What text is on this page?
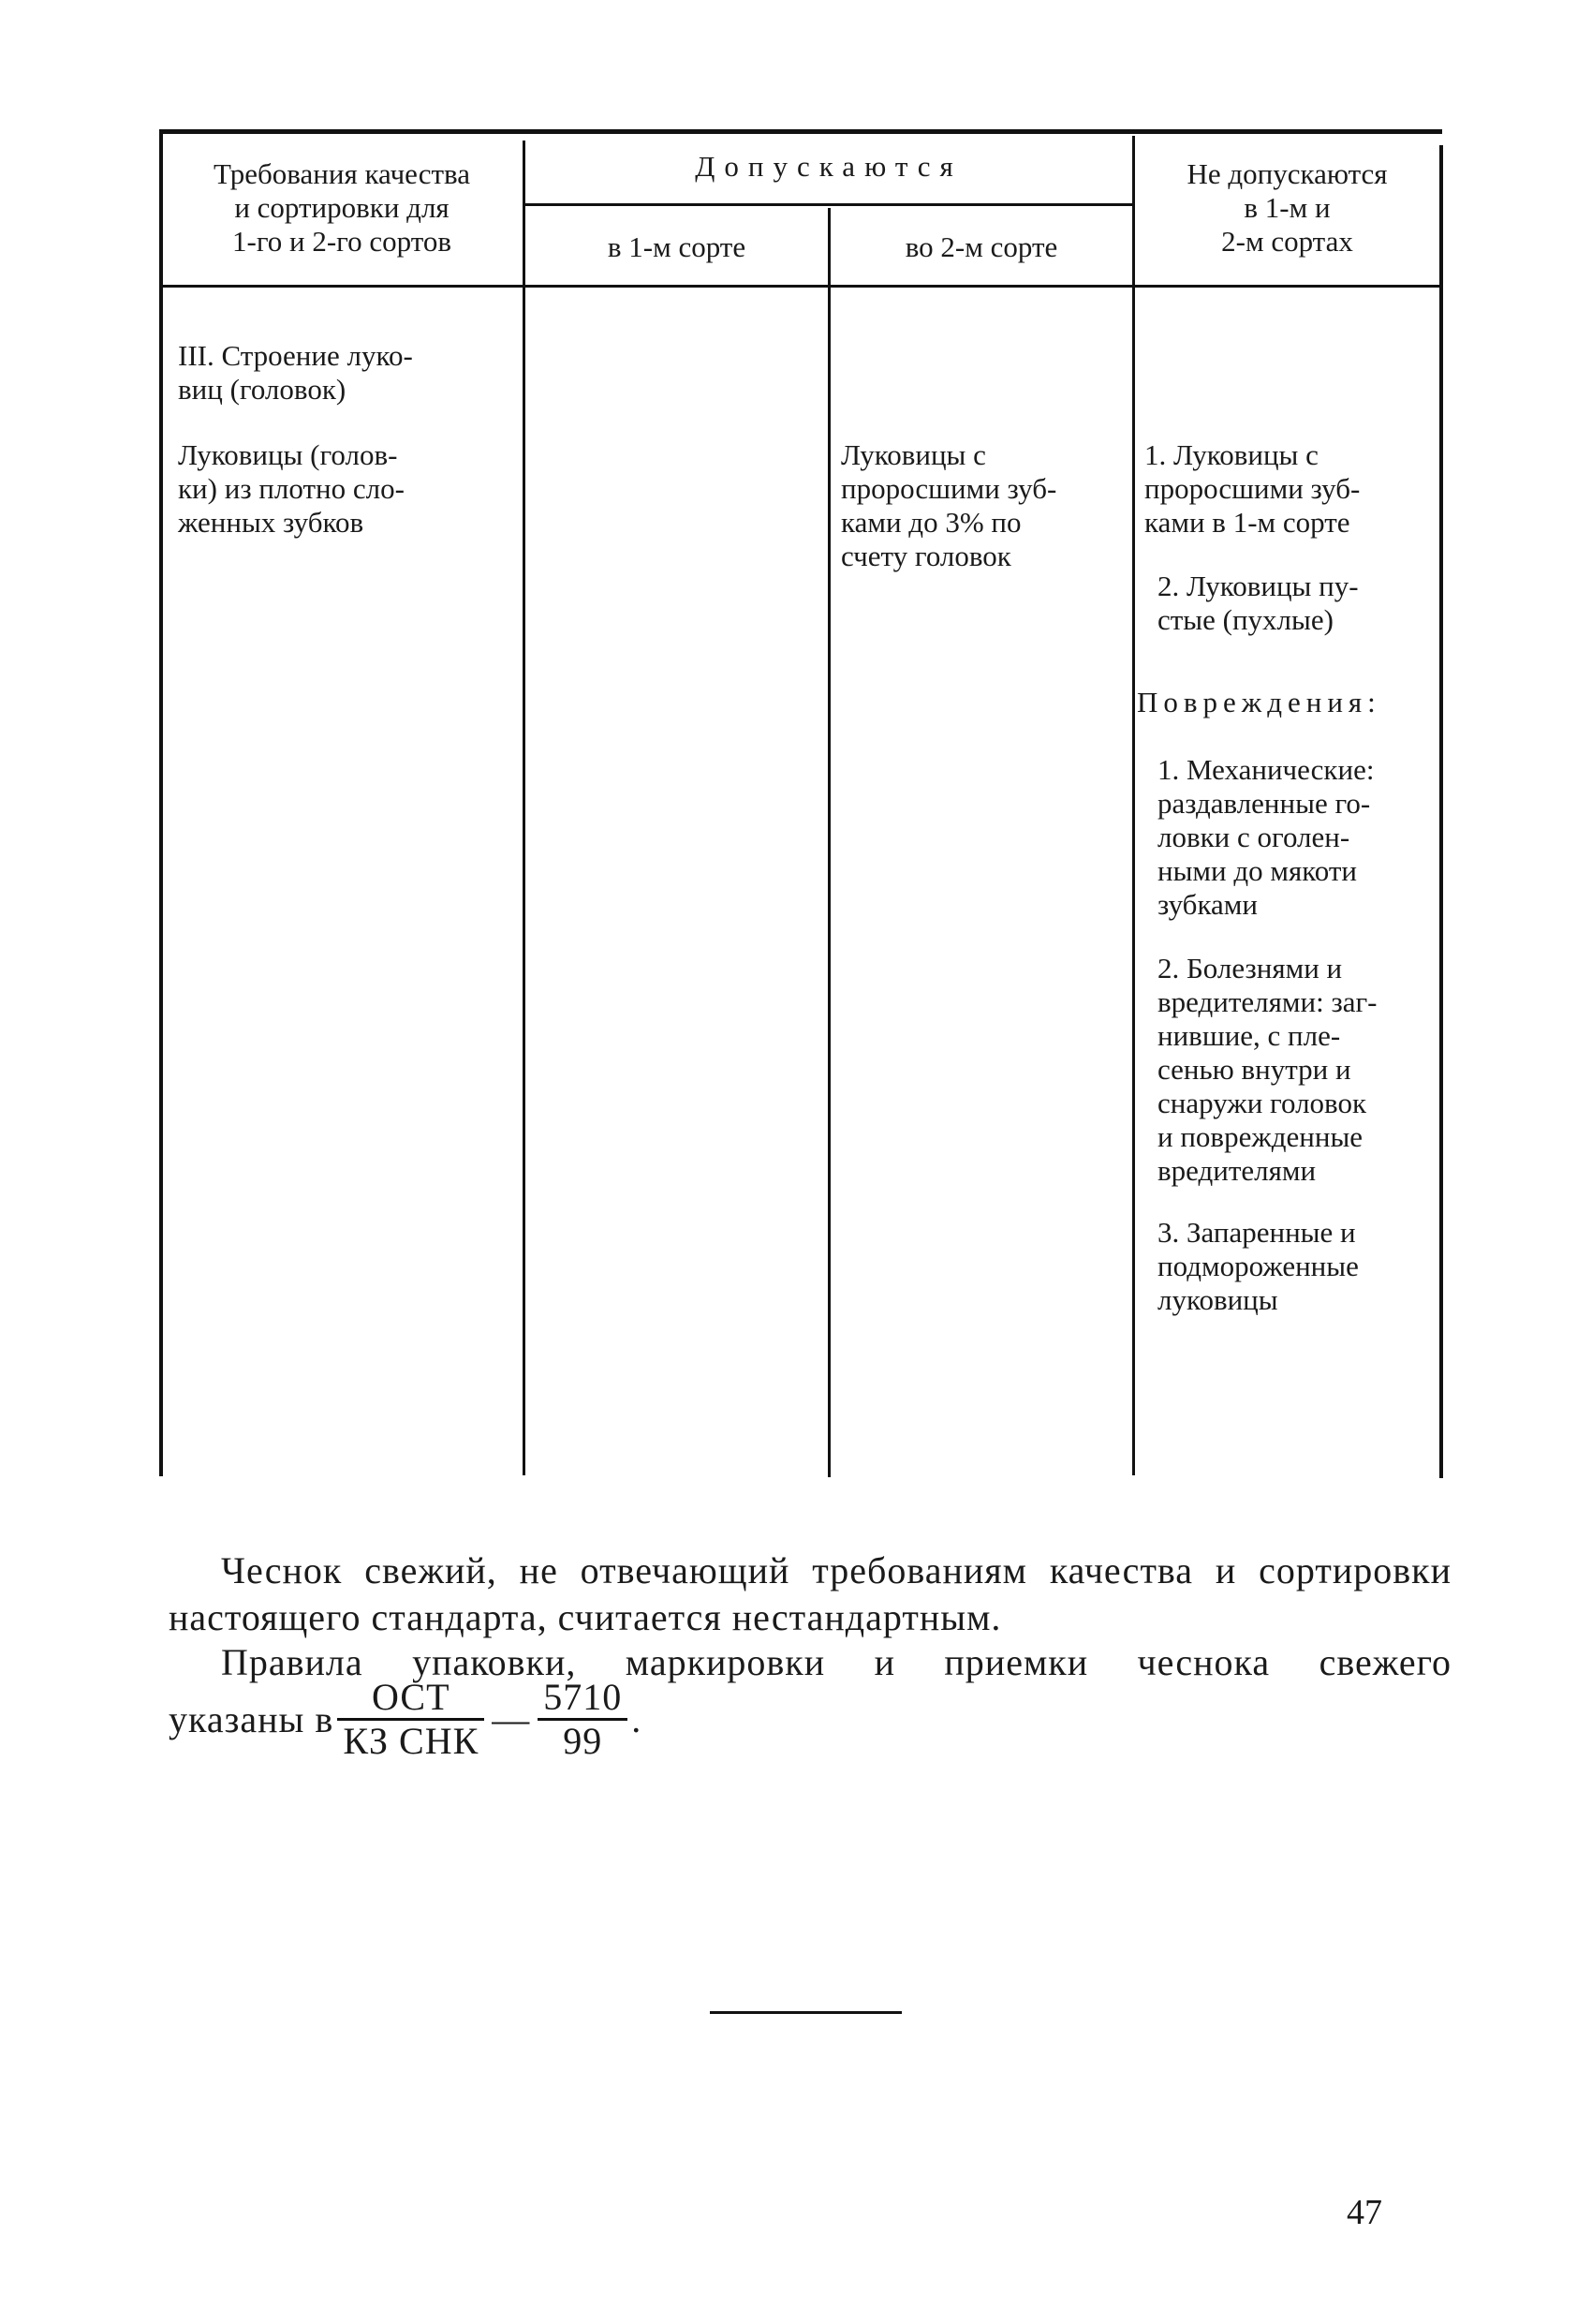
Требования качества
и сортировки для
1-го и 2-го сортов
Допускаются
в 1-м сорте	во 2-м сорте
Не допускаются
в 1-м и
2-м сортах
III. Строение луко-
виц (головок)
Луковицы (голов-
ки) из плотно сло-
женных зубков
Луковицы с
проросшими зуб-
ками до 3% по
счету головок
1. Луковицы с
проросшими зуб-
ками в 1-м сорте
2. Луковицы пу-
стые (пухлые)
Повреждения:
1. Механические:
раздавленные го-
ловки с оголен-
ными до мякоти
зубками
2. Болезнями и
вредителями: заг-
нившие, с пле-
сенью внутри и
снаружи головок
и поврежденные
вредителями
3. Запаренные и
подмороженные
луковицы
Чеснок свежий, не отвечающий требованиям качества и сортировки настоящего стандарта, считается нестандартным.
Правила упаковки, маркировки и приемки чеснока свежего
указаны в $\frac{\text{ОСТ}}{\text{КЗ СНК}}$ — $\frac{5710}{99}$ .
47
